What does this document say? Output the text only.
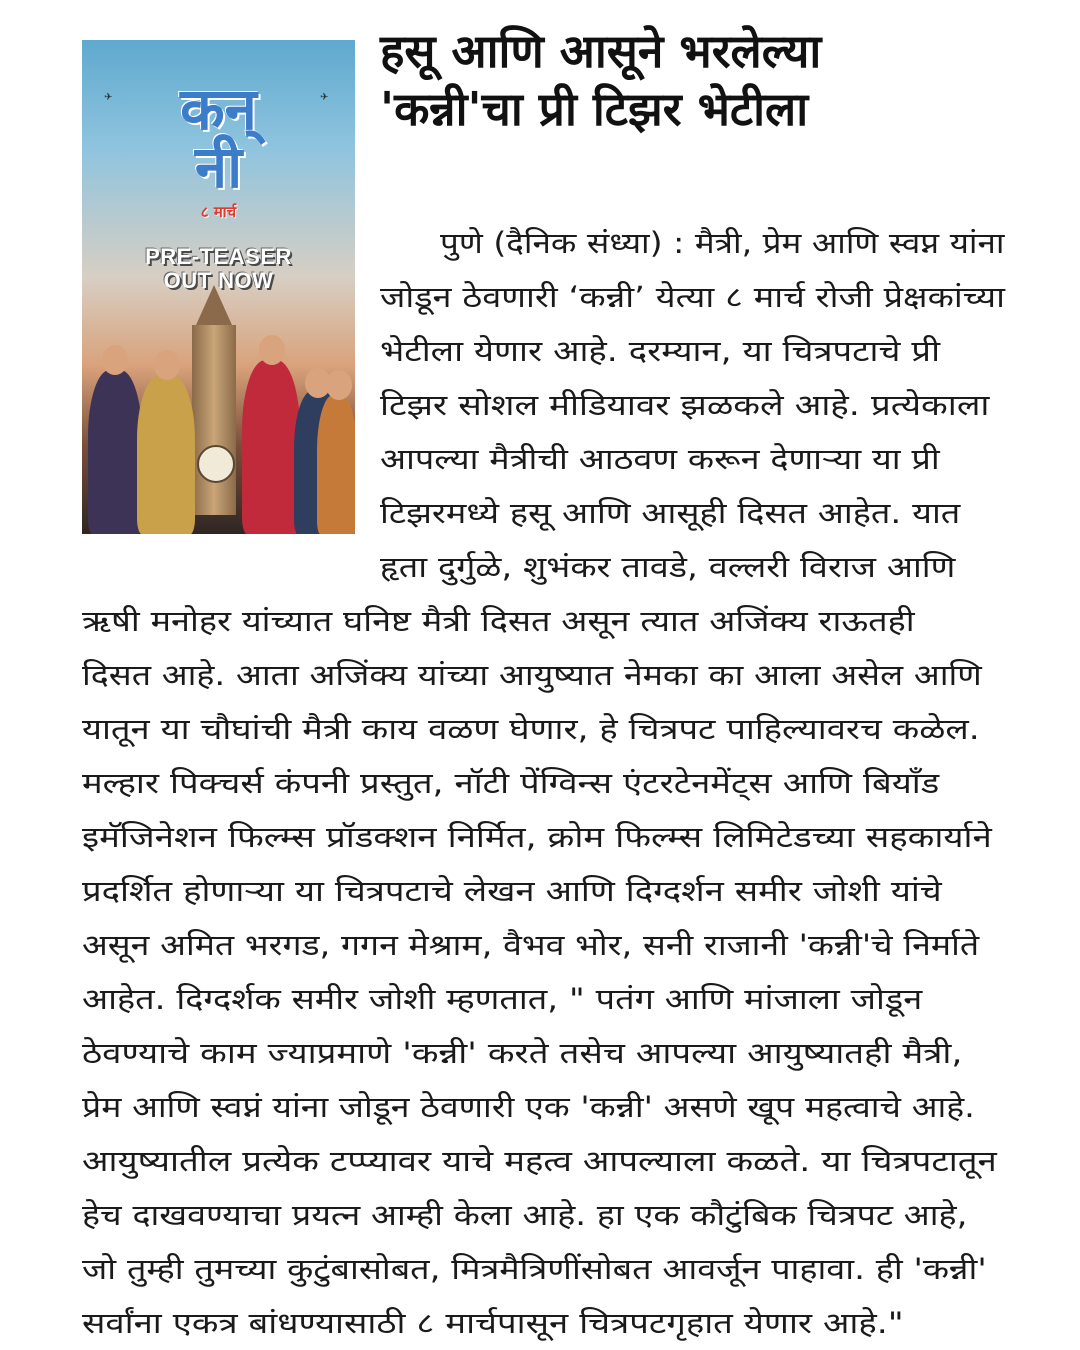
✈	✈
कन्
नी
८ मार्च
PRE-TEASER
OUT NOW
हसू आणि आसूने भरलेल्या
'कन्नी'चा प्री टिझर भेटीला

पुणे (दैनिक संध्या) : मैत्री, प्रेम आणि स्वप्न यांना

जोडून ठेवणारी ‘कन्नी’ येत्या ८ मार्च रोजी प्रेक्षकांच्या

भेटीला येणार आहे. दरम्यान, या चित्रपटाचे प्री

टिझर सोशल मीडियावर झळकले आहे. प्रत्येकाला

आपल्या मैत्रीची आठवण करून देणाऱ्या या प्री

टिझरमध्ये हसू आणि आसूही दिसत आहेत. यात

हृता दुर्गुळे, शुभंकर तावडे, वल्लरी विराज आणि

ऋषी मनोहर यांच्यात घनिष्ट मैत्री दिसत असून त्यात अजिंक्य राऊतही

दिसत आहे. आता अजिंक्य यांच्या आयुष्यात नेमका का आला असेल आणि

यातून या चौघांची मैत्री काय वळण घेणार, हे चित्रपट पाहिल्यावरच कळेल.

मल्हार पिक्चर्स कंपनी प्रस्तुत, नॉटी पेंग्विन्स एंटरटेनमेंट्स आणि बियाँड

इमॅजिनेशन फिल्म्स प्रॉडक्शन निर्मित, क्रोम फिल्म्स लिमिटेडच्या सहकार्याने

प्रदर्शित होणाऱ्या या चित्रपटाचे लेखन आणि दिग्दर्शन समीर जोशी यांचे

असून अमित भरगड, गगन मेश्राम, वैभव भोर, सनी राजानी 'कन्नी'चे निर्माते

आहेत. दिग्दर्शक समीर जोशी म्हणतात, " पतंग आणि मांजाला जोडून

ठेवण्याचे काम ज्याप्रमाणे 'कन्नी' करते तसेच आपल्या आयुष्यातही मैत्री,

प्रेम आणि स्वप्नं यांना जोडून ठेवणारी एक 'कन्नी' असणे खूप महत्वाचे आहे.

आयुष्यातील प्रत्येक टप्प्यावर याचे महत्व आपल्याला कळते. या चित्रपटातून

हेच दाखवण्याचा प्रयत्न आम्ही केला आहे. हा एक कौटुंबिक चित्रपट आहे,

जो तुम्ही तुमच्या कुटुंबासोबत, मित्रमैत्रिणींसोबत आवर्जून पाहावा. ही 'कन्नी'

सर्वांना एकत्र बांधण्यासाठी ८ मार्चपासून चित्रपटगृहात येणार आहे."
